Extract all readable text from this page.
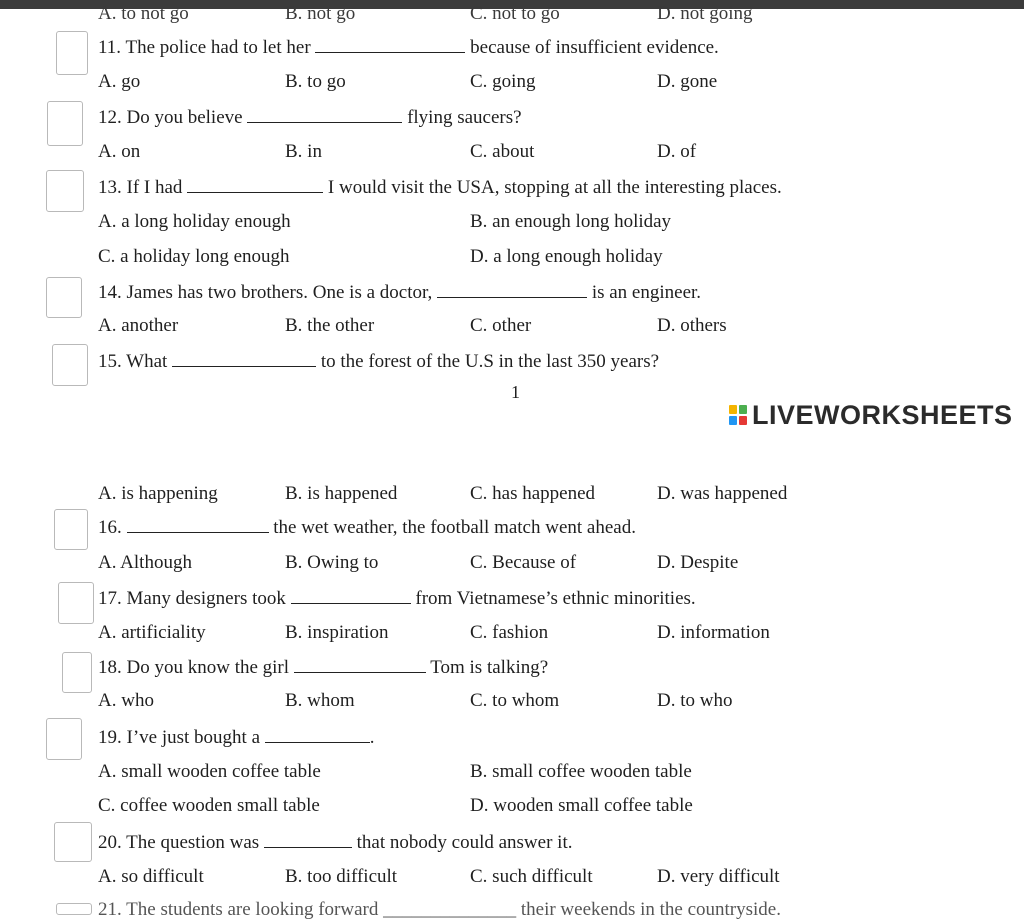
A. to not go	B. not go	C. not to go	D. not going
11. The police had to let her	because of insufficient evidence.
A. go	B. to go	C. going	D. gone
12. Do you believe	flying saucers?
A. on	B. in	C. about	D. of
13. If I had	I would visit the USA, stopping at all the interesting places.
A. a long holiday enough	B. an enough long holiday
C. a holiday long enough	D. a long enough holiday
14. James has two brothers. One is a doctor,	is an engineer.
A. another	B. the other	C. other	D. others
15. What	to the forest of the U.S in the last 350 years?
1
LIVEWORKSHEETS
A. is happening	B. is happened	C. has happened	D. was happened
16.	the wet weather, the football match went ahead.
A. Although	B. Owing to	C. Because of	D. Despite
17. Many designers took	from Vietnamese’s ethnic minorities.
A. artificiality	B. inspiration	C. fashion	D. information
18. Do you know the girl	Tom is talking?
A. who	B. whom	C. to whom	D. to who
19. I’ve just bought a	.
A. small wooden coffee table	B. small coffee wooden table
C. coffee wooden small table	D. wooden small coffee table
20. The question was	that nobody could answer it.
A. so difficult	B. too difficult	C. such difficult	D. very difficult
21. The students are looking forward ______________ their weekends in the countryside.
